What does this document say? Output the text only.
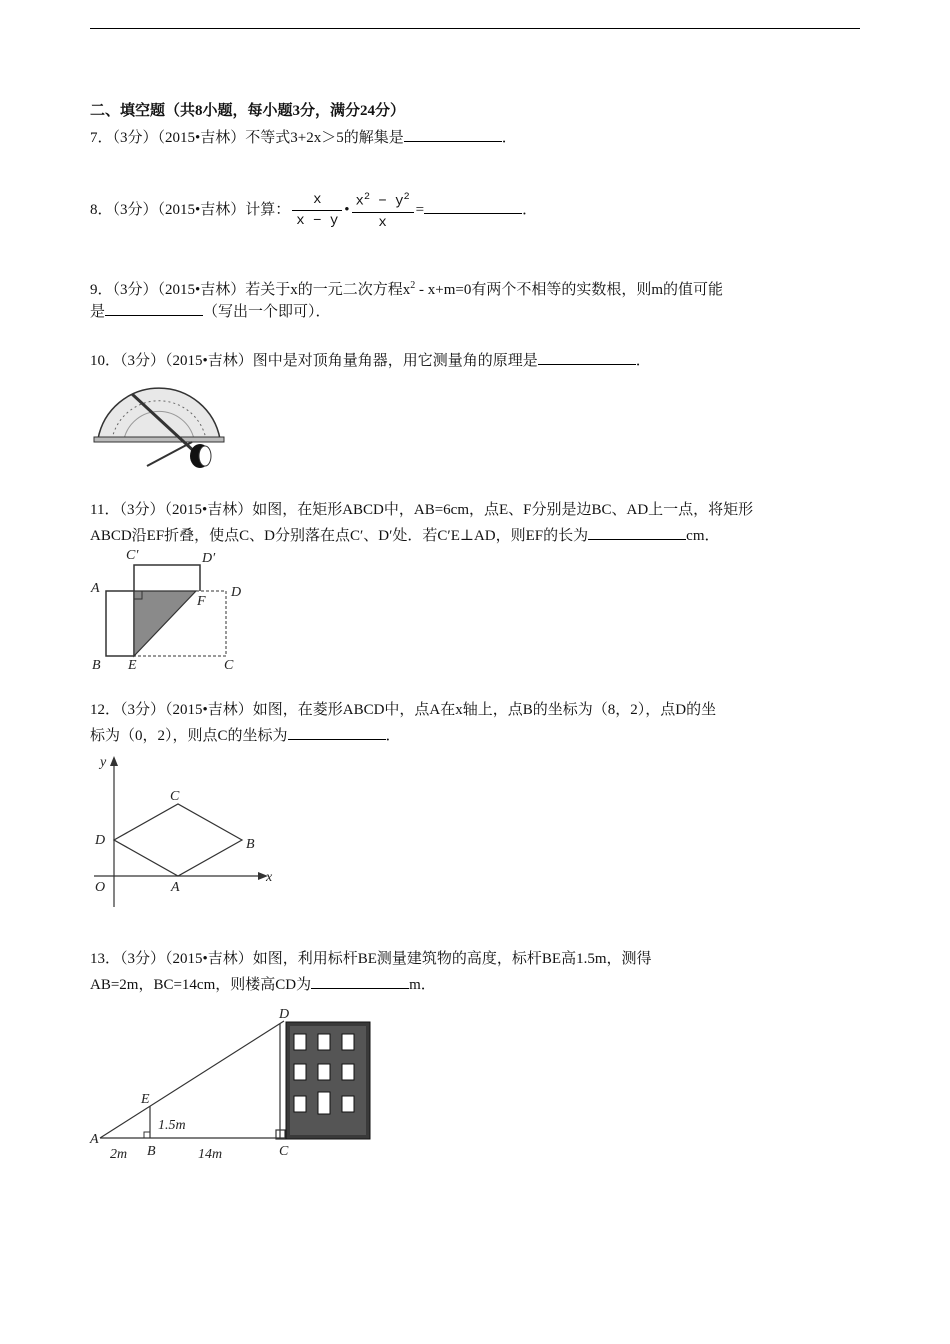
二、填空题（共8小题，每小题3分，满分24分）
7．（3分）（2015•吉林）不等式3+2x＞5的解集是	．
8．（3分）（2015•吉林）计算： $\frac{x}{x - y}$ • $\frac{x^2 - y^2}{x}$ =	．
9．（3分）（2015•吉林）若关于x的一元二次方程$x^2 - x+m=0$有两个不相等的实数根，则m的值可能
是	（写出一个即可）．
10．（3分）（2015•吉林）图中是对顶角量角器，用它测量角的原理是	．
11．（3分）（2015•吉林）如图，在矩形ABCD中，AB=6cm，点E、F分别是边BC、AD上一点，将矩形
ABCD沿EF折叠，使点C、D分别落在点C′、D′处．若C′E⊥AD，则EF的长为	cm．
A
B	C
D
E
F
C′	D′
12．（3分）（2015•吉林）如图，在菱形ABCD中，点A在x轴上，点B的坐标为（8，2），点D的坐
标为（0，2），则点C的坐标为	．
y
x
O	A
B
C
D
13．（3分）（2015•吉林）如图，利用标杆BE测量建筑物的高度，标杆BE高1.5m，测得
AB=2m，BC=14cm，则楼高CD为	m．
A
B	C
D
E
1.5m
2m	14m
